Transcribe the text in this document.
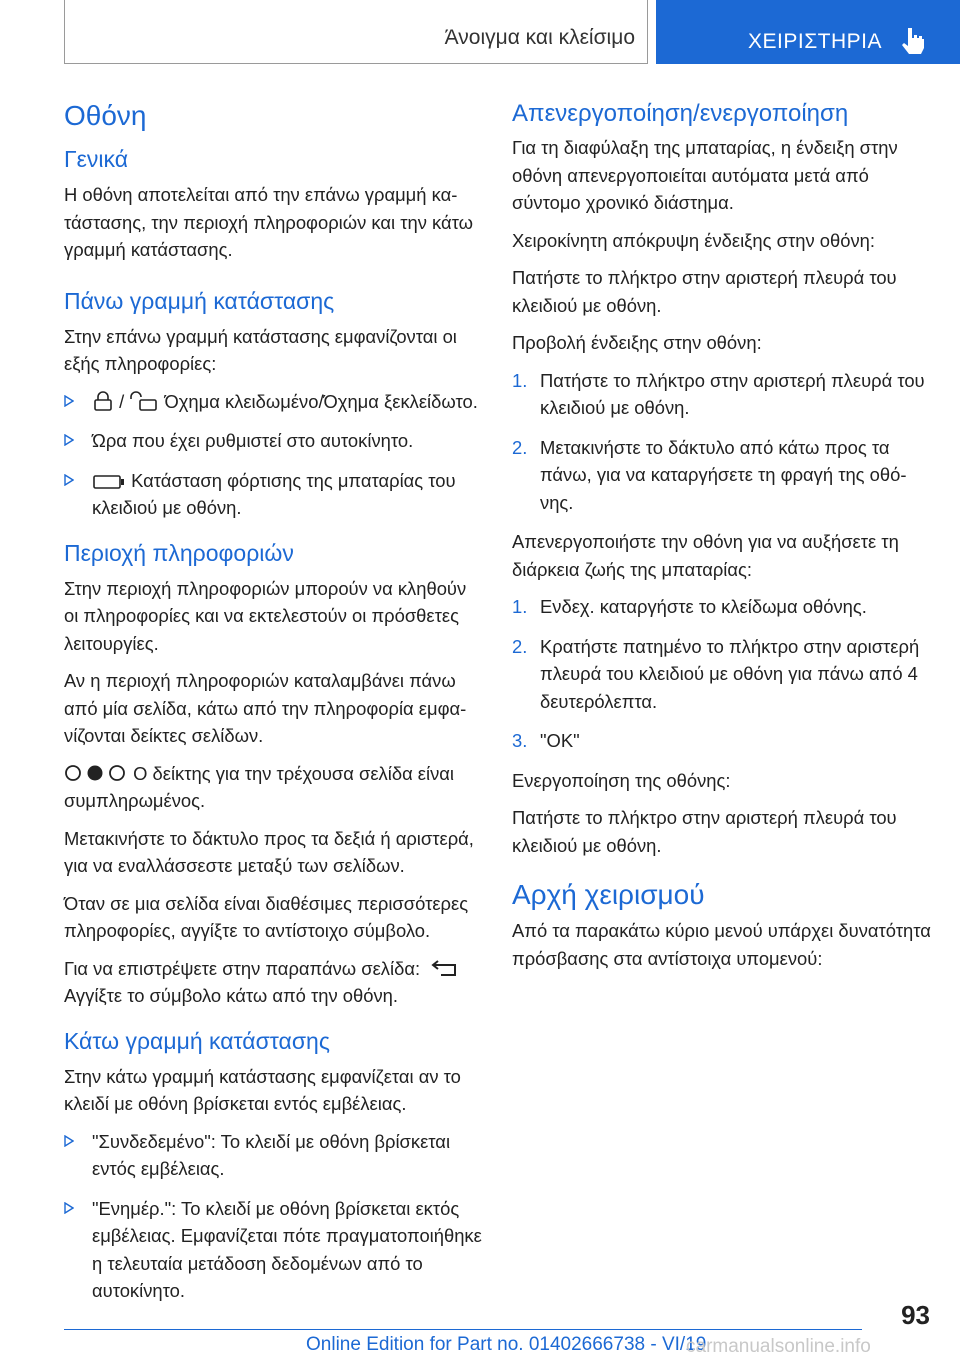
Άνοιγμα και κλείσιμο	ΧΕΙΡΙΣΤΗΡΙΑ
Οθόνη
Γενικά

Η οθόνη αποτελείται από την επάνω γραμμή κατάστασης, την περιοχή πληροφοριών και την κάτω γραμμή κατάστασης.

Πάνω γραμμή κατάστασης

Στην επάνω γραμμή κατάστασης εμφανίζονται οι εξής πληροφορίες:

/ Όχημα κλειδωμένο/Όχημα ξεκλείδωτο.
Ώρα που έχει ρυθμιστεί στο αυτοκίνητο.
Κατάσταση φόρτισης της μπαταρίας του κλειδιού με οθόνη.
Περιοχή πληροφοριών

Στην περιοχή πληροφοριών μπορούν να κληθούν οι πληροφορίες και να εκτελεστούν οι πρόσθετες λειτουργίες.

Αν η περιοχή πληροφοριών καταλαμβάνει πάνω από μία σελίδα, κάτω από την πληροφορία εμφανίζονται δείκτες σελίδων.

Ο δείκτης για την τρέχουσα σελίδα είναι συμπληρωμένος.

Μετακινήστε το δάκτυλο προς τα δεξιά ή αριστερά, για να εναλλάσσεστε μεταξύ των σελίδων.

Όταν σε μια σελίδα είναι διαθέσιμες περισσότερες πληροφορίες, αγγίξτε το αντίστοιχο σύμβολο.

Για να επιστρέψετε στην παραπάνω σελίδα:
Αγγίξτε το σύμβολο κάτω από την οθόνη.

Κάτω γραμμή κατάστασης

Στην κάτω γραμμή κατάστασης εμφανίζεται αν το κλειδί με οθόνη βρίσκεται εντός εμβέλειας.

"Συνδεδεμένο": Το κλειδί με οθόνη βρίσκεται εντός εμβέλειας.
"Ενημέρ.": Το κλειδί με οθόνη βρίσκεται εκτός εμβέλειας. Εμφανίζεται πότε πραγματοποιήθηκε η τελευταία μετάδοση δεδομένων από το αυτοκίνητο.
Απενεργοποίηση/ενεργοποίηση

Για τη διαφύλαξη της μπαταρίας, η ένδειξη στην οθόνη απενεργοποιείται αυτόματα μετά από σύντομο χρονικό διάστημα.

Χειροκίνητη απόκρυψη ένδειξης στην οθόνη:

Πατήστε το πλήκτρο στην αριστερή πλευρά του κλειδιού με οθόνη.

Προβολή ένδειξης στην οθόνη:

1. Πατήστε το πλήκτρο στην αριστερή πλευρά του κλειδιού με οθόνη.
2. Μετακινήστε το δάκτυλο από κάτω προς τα πάνω, για να καταργήσετε τη φραγή της οθόνης.

Απενεργοποιήστε την οθόνη για να αυξήσετε τη διάρκεια ζωής της μπαταρίας:

1. Ενδεχ. καταργήστε το κλείδωμα οθόνης.
2. Κρατήστε πατημένο το πλήκτρο στην αριστερή πλευρά του κλειδιού με οθόνη για πάνω από 4 δευτερόλεπτα.
3. "OK"

Ενεργοποίηση της οθόνης:

Πατήστε το πλήκτρο στην αριστερή πλευρά του κλειδιού με οθόνη.

Αρχή χειρισμού

Από τα παρακάτω κύριο μενού υπάρχει δυνατότητα πρόσβασης στα αντίστοιχα υπομενού:

93
Online Edition for Part no. 01402666738 - VI/19
carmanualsonline.info
